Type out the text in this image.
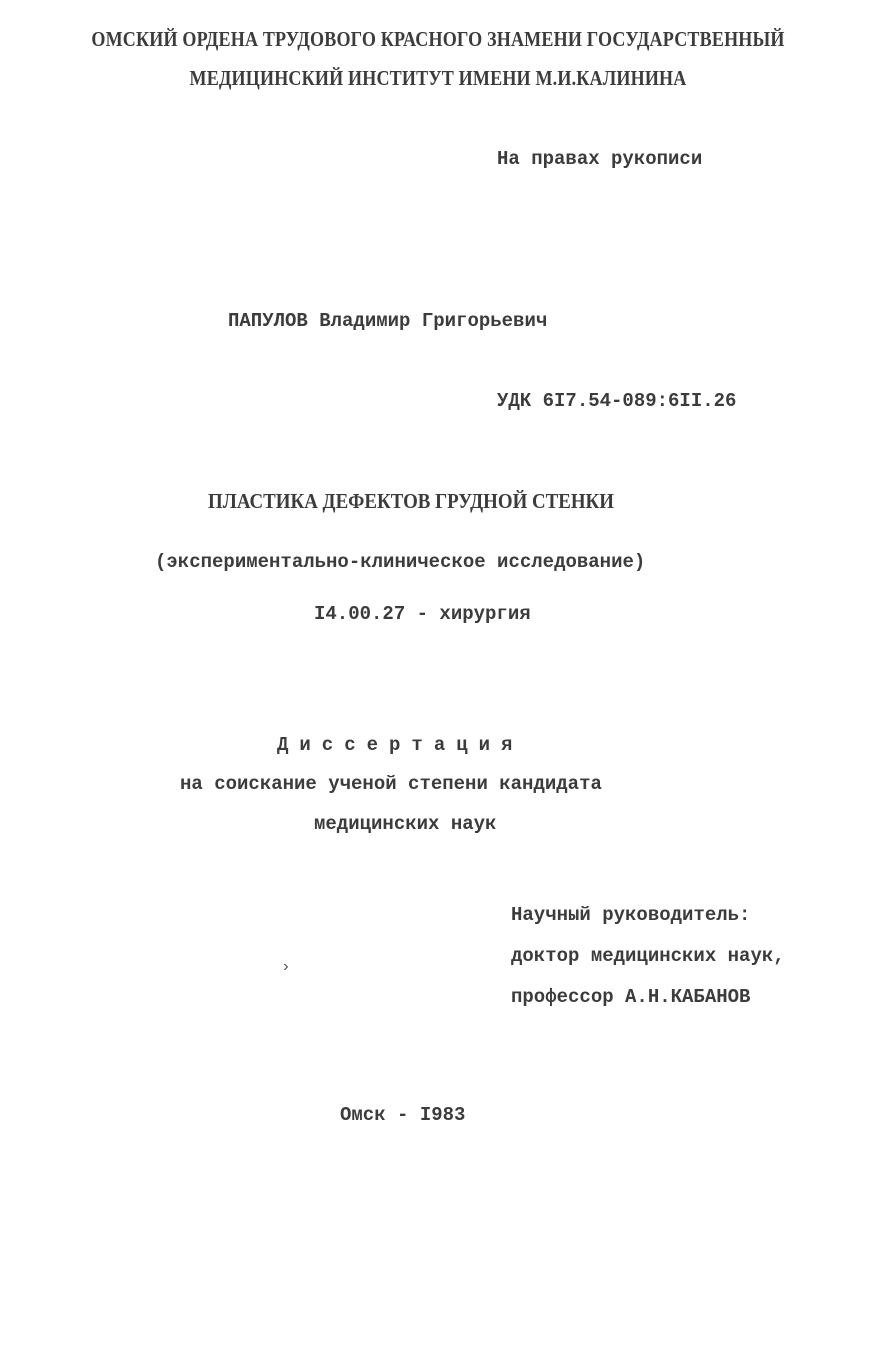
ОМСКИЙ ОРДЕНА ТРУДОВОГО КРАСНОГО ЗНАМЕНИ ГОСУДАРСТВЕННЫЙ
МЕДИЦИНСКИЙ ИНСТИТУТ ИМЕНИ М.И.КАЛИНИНА
На правах рукописи
ПАПУЛОВ Владимир Григорьевич
УДК 6I7.54-089:6II.26
ПЛАСТИКА ДЕФЕКТОВ ГРУДНОЙ СТЕНКИ
(экспериментально-клиническое исследование)
I4.00.27 - хирургия
Диссертация
на соискание ученой степени кандидата
медицинских наук
Научный руководитель:
доктор медицинских наук,
профессор А.Н.КАБАНОВ
›
Омск - I983
